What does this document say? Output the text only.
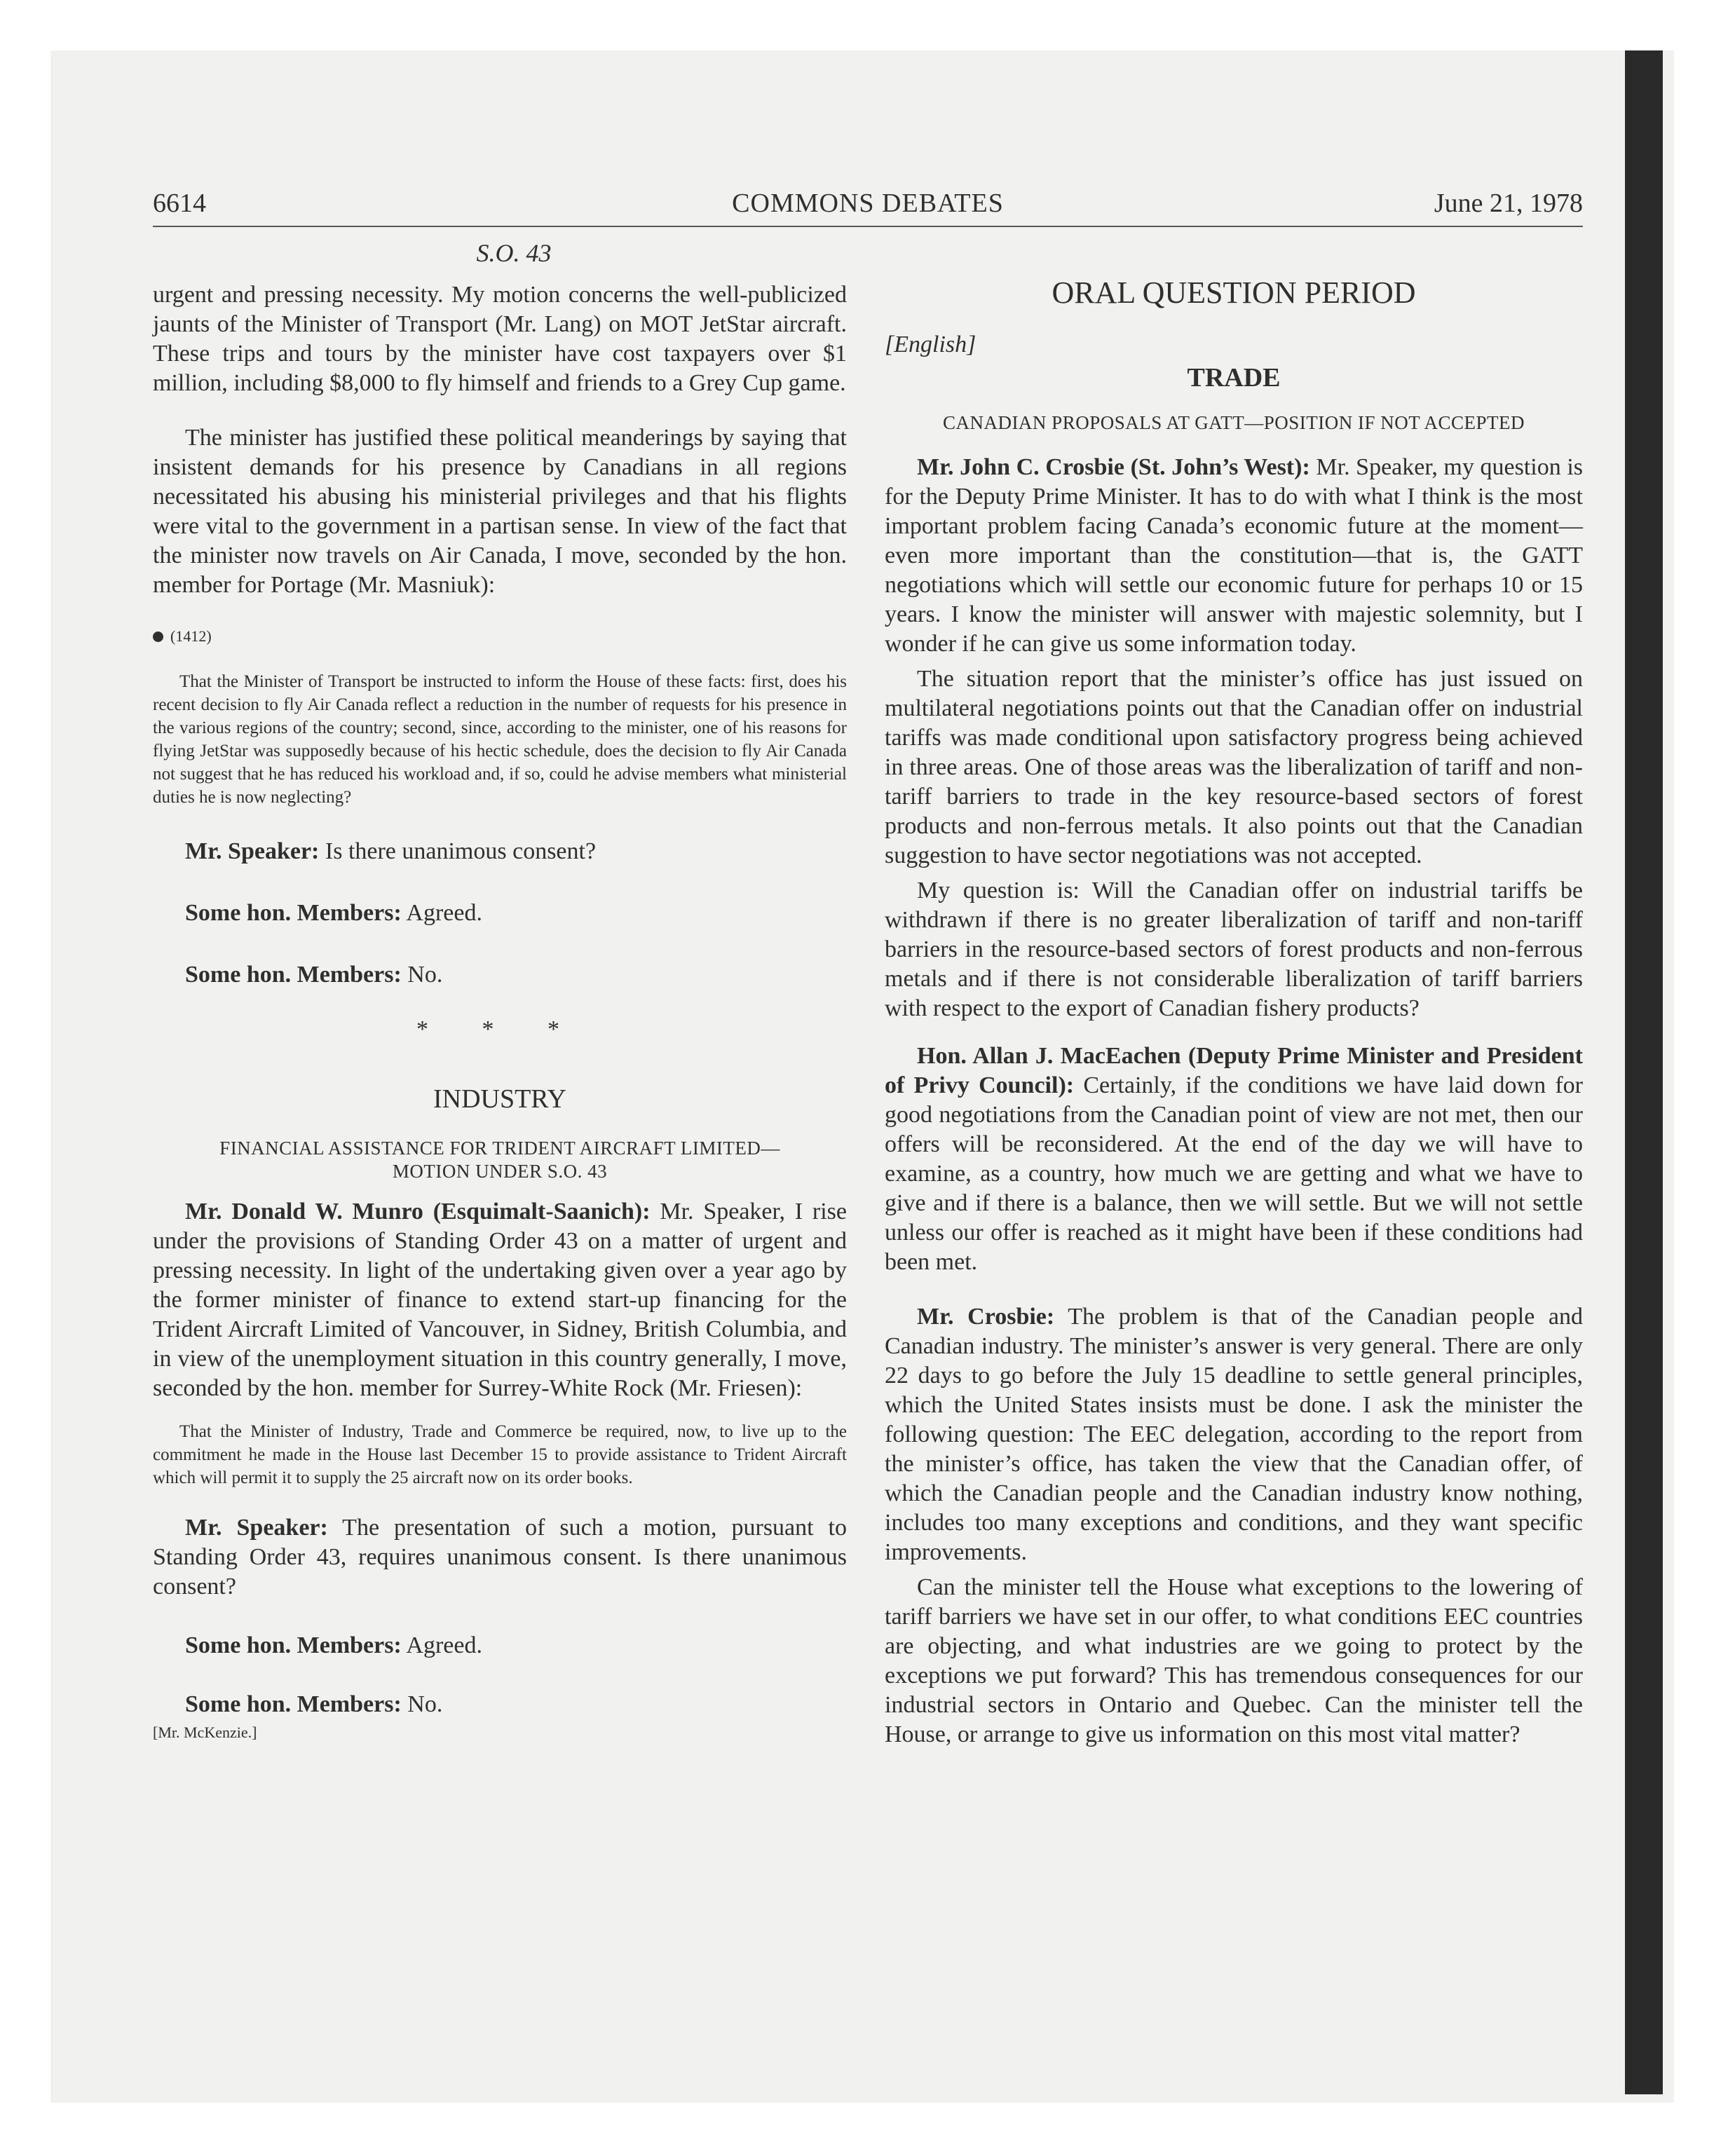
6614	COMMONS DEBATES	June 21, 1978

S.O. 43

urgent and pressing necessity. My motion concerns the well-publicized jaunts of the Minister of Transport (Mr. Lang) on MOT JetStar aircraft. These trips and tours by the minister have cost taxpayers over $1 million, including $8,000 to fly himself and friends to a Grey Cup game.

The minister has justified these political meanderings by saying that insistent demands for his presence by Canadians in all regions necessitated his abusing his ministerial privileges and that his flights were vital to the government in a partisan sense. In view of the fact that the minister now travels on Air Canada, I move, seconded by the hon. member for Portage (Mr. Masniuk):

(1412)

That the Minister of Transport be instructed to inform the House of these facts: first, does his recent decision to fly Air Canada reflect a reduction in the number of requests for his presence in the various regions of the country; second, since, according to the minister, one of his reasons for flying JetStar was supposedly because of his hectic schedule, does the decision to fly Air Canada not suggest that he has reduced his workload and, if so, could he advise members what ministerial duties he is now neglecting?

Mr. Speaker: Is there unanimous consent?

Some hon. Members: Agreed.

Some hon. Members: No.

* * *

INDUSTRY

FINANCIAL ASSISTANCE FOR TRIDENT AIRCRAFT LIMITED—

MOTION UNDER S.O. 43

Mr. Donald W. Munro (Esquimalt-Saanich): Mr. Speaker, I rise under the provisions of Standing Order 43 on a matter of urgent and pressing necessity. In light of the undertaking given over a year ago by the former minister of finance to extend start-up financing for the Trident Aircraft Limited of Vancouver, in Sidney, British Columbia, and in view of the unemployment situation in this country generally, I move, seconded by the hon. member for Surrey-White Rock (Mr. Friesen):

That the Minister of Industry, Trade and Commerce be required, now, to live up to the commitment he made in the House last December 15 to provide assistance to Trident Aircraft which will permit it to supply the 25 aircraft now on its order books.

Mr. Speaker: The presentation of such a motion, pursuant to Standing Order 43, requires unanimous consent. Is there unanimous consent?

Some hon. Members: Agreed.

Some hon. Members: No.

[Mr. McKenzie.]

ORAL QUESTION PERIOD

[English]

TRADE

CANADIAN PROPOSALS AT GATT—POSITION IF NOT ACCEPTED

Mr. John C. Crosbie (St. John’s West): Mr. Speaker, my question is for the Deputy Prime Minister. It has to do with what I think is the most important problem facing Canada’s economic future at the moment—even more important than the constitution—that is, the GATT negotiations which will settle our economic future for perhaps 10 or 15 years. I know the minister will answer with majestic solemnity, but I wonder if he can give us some information today.

The situation report that the minister’s office has just issued on multilateral negotiations points out that the Canadian offer on industrial tariffs was made conditional upon satisfactory progress being achieved in three areas. One of those areas was the liberalization of tariff and non-tariff barriers to trade in the key resource-based sectors of forest products and non-ferrous metals. It also points out that the Canadian suggestion to have sector negotiations was not accepted.

My question is: Will the Canadian offer on industrial tariffs be withdrawn if there is no greater liberalization of tariff and non-tariff barriers in the resource-based sectors of forest products and non-ferrous metals and if there is not considerable liberalization of tariff barriers with respect to the export of Canadian fishery products?

Hon. Allan J. MacEachen (Deputy Prime Minister and President of Privy Council): Certainly, if the conditions we have laid down for good negotiations from the Canadian point of view are not met, then our offers will be reconsidered. At the end of the day we will have to examine, as a country, how much we are getting and what we have to give and if there is a balance, then we will settle. But we will not settle unless our offer is reached as it might have been if these conditions had been met.

Mr. Crosbie: The problem is that of the Canadian people and Canadian industry. The minister’s answer is very general. There are only 22 days to go before the July 15 deadline to settle general principles, which the United States insists must be done. I ask the minister the following question: The EEC delegation, according to the report from the minister’s office, has taken the view that the Canadian offer, of which the Canadian people and the Canadian industry know nothing, includes too many exceptions and conditions, and they want specific improvements.

Can the minister tell the House what exceptions to the lowering of tariff barriers we have set in our offer, to what conditions EEC countries are objecting, and what industries are we going to protect by the exceptions we put forward? This has tremendous consequences for our industrial sectors in Ontario and Quebec. Can the minister tell the House, or arrange to give us information on this most vital matter?
